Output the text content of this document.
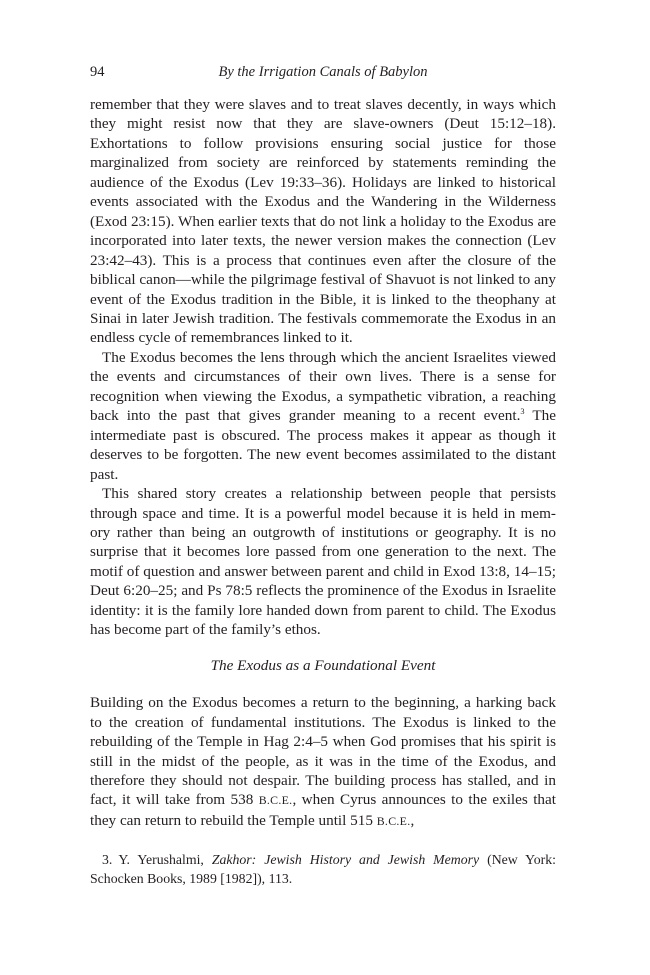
94	By the Irrigation Canals of Babylon

remember that they were slaves and to treat slaves decently, in ways which they might resist now that they are slave-owners (Deut 15:12–18). Exhortations to follow provisions ensuring social justice for those marginalized from society are reinforced by statements reminding the audience of the Exodus (Lev 19:33–36). Holidays are linked to historical events associated with the Exodus and the Wandering in the Wilderness (Exod 23:15). When earlier texts that do not link a holiday to the Exodus are incorporated into later texts, the newer version makes the connection (Lev 23:42–43). This is a process that continues even after the closure of the biblical canon—while the pilgrimage festival of Shavuot is not linked to any event of the Exodus tradition in the Bible, it is linked to the theophany at Sinai in later Jewish tradition. The festivals commemorate the Exodus in an endless cycle of remembrances linked to it.

The Exodus becomes the lens through which the ancient Israelites viewed the events and circumstances of their own lives. There is a sense for recognition when viewing the Exodus, a sympathetic vibration, a reaching back into the past that gives grander meaning to a recent event.$^3$ The intermediate past is obscured. The process makes it appear as though it deserves to be forgotten. The new event becomes assimilated to the distant past.

This shared story creates a relationship between people that persists through space and time. It is a powerful model because it is held in mem-ory rather than being an outgrowth of institutions or geography. It is no surprise that it becomes lore passed from one generation to the next. The motif of question and answer between parent and child in Exod 13:8, 14–15; Deut 6:20–25; and Ps 78:5 reflects the prominence of the Exodus in Israelite identity: it is the family lore handed down from parent to child. The Exodus has become part of the family’s ethos.

The Exodus as a Foundational Event

Building on the Exodus becomes a return to the beginning, a harking back to the creation of fundamental institutions. The Exodus is linked to the rebuilding of the Temple in Hag 2:4–5 when God promises that his spirit is still in the midst of the people, as it was in the time of the Exodus, and therefore they should not despair. The building process has stalled, and in fact, it will take from 538 B.C.E., when Cyrus announces to the exiles that they can return to rebuild the Temple until 515 B.C.E.,

3. Y. Yerushalmi, Zakhor: Jewish History and Jewish Memory (New York: Schocken Books, 1989 [1982]), 113.
